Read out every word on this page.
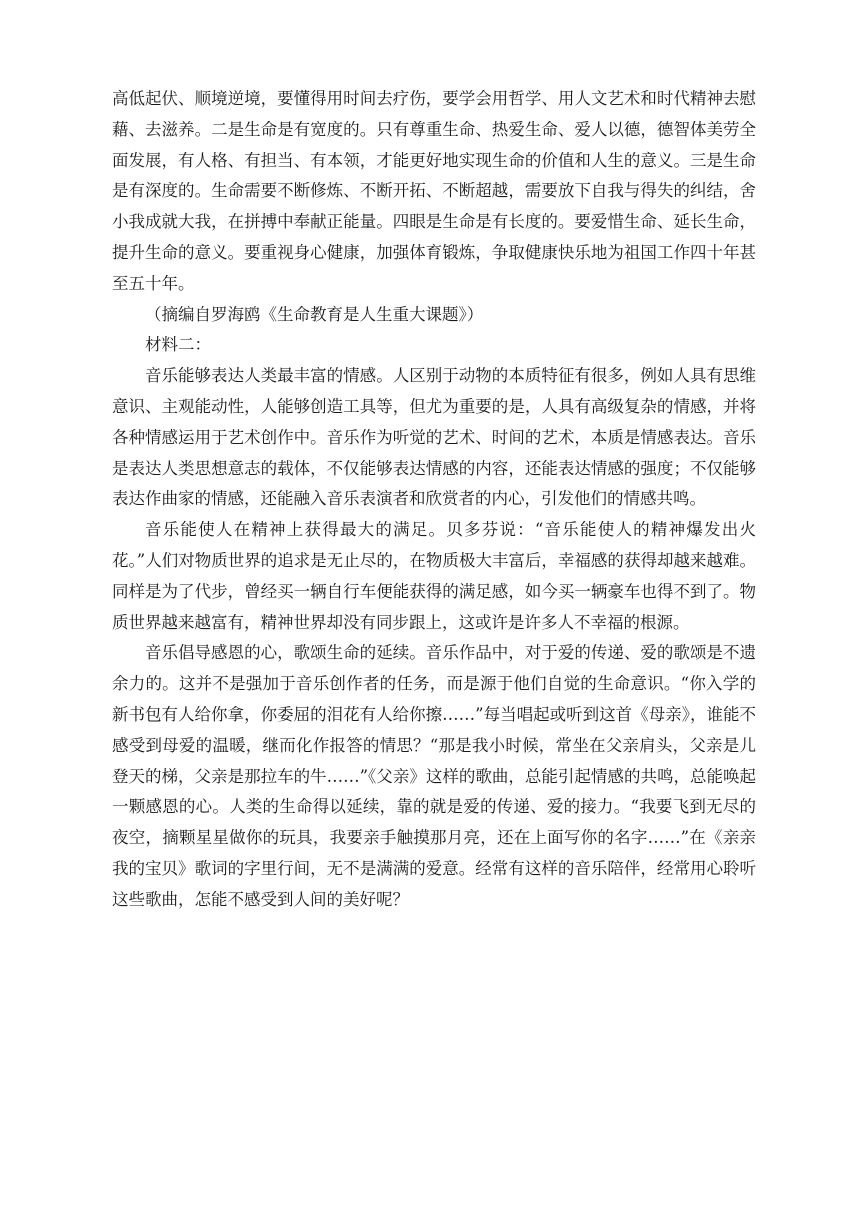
高低起伏、顺境逆境，要懂得用时间去疗伤，要学会用哲学、用人文艺术和时代精神去慰藉、去滋养。二是生命是有宽度的。只有尊重生命、热爱生命、爱人以德，德智体美劳全面发展，有人格、有担当、有本领，才能更好地实现生命的价值和人生的意义。三是生命是有深度的。生命需要不断修炼、不断开拓、不断超越，需要放下自我与得失的纠结，舍小我成就大我，在拼搏中奉献正能量。四眼是生命是有长度的。要爱惜生命、延长生命，提升生命的意义。要重视身心健康，加强体育锻炼，争取健康快乐地为祖国工作四十年甚至五十年。

（摘编自罗海鸥《生命教育是人生重大课题》）

材料二：

音乐能够表达人类最丰富的情感。人区别于动物的本质特征有很多，例如人具有思维意识、主观能动性，人能够创造工具等，但尤为重要的是，人具有高级复杂的情感，并将各种情感运用于艺术创作中。音乐作为听觉的艺术、时间的艺术，本质是情感表达。音乐是表达人类思想意志的载体，不仅能够表达情感的内容，还能表达情感的强度；不仅能够表达作曲家的情感，还能融入音乐表演者和欣赏者的内心，引发他们的情感共鸣。

音乐能使人在精神上获得最大的满足。贝多芬说：“音乐能使人的精神爆发出火花。”人们对物质世界的追求是无止尽的，在物质极大丰富后，幸福感的获得却越来越难。同样是为了代步，曾经买一辆自行车便能获得的满足感，如今买一辆豪车也得不到了。物质世界越来越富有，精神世界却没有同步跟上，这或许是许多人不幸福的根源。

音乐倡导感恩的心，歌颂生命的延续。音乐作品中，对于爱的传递、爱的歌颂是不遗余力的。这并不是强加于音乐创作者的任务，而是源于他们自觉的生命意识。“你入学的新书包有人给你拿，你委屈的泪花有人给你擦……”每当唱起或听到这首《母亲》，谁能不感受到母爱的温暖，继而化作报答的情思？“那是我小时候，常坐在父亲肩头，父亲是儿登天的梯，父亲是那拉车的牛……”《父亲》这样的歌曲，总能引起情感的共鸣，总能唤起一颗感恩的心。人类的生命得以延续，靠的就是爱的传递、爱的接力。“我要飞到无尽的夜空，摘颗星星做你的玩具，我要亲手触摸那月亮，还在上面写你的名字……”在《亲亲我的宝贝》歌词的字里行间，无不是满满的爱意。经常有这样的音乐陪伴，经常用心聆听这些歌曲，怎能不感受到人间的美好呢？
